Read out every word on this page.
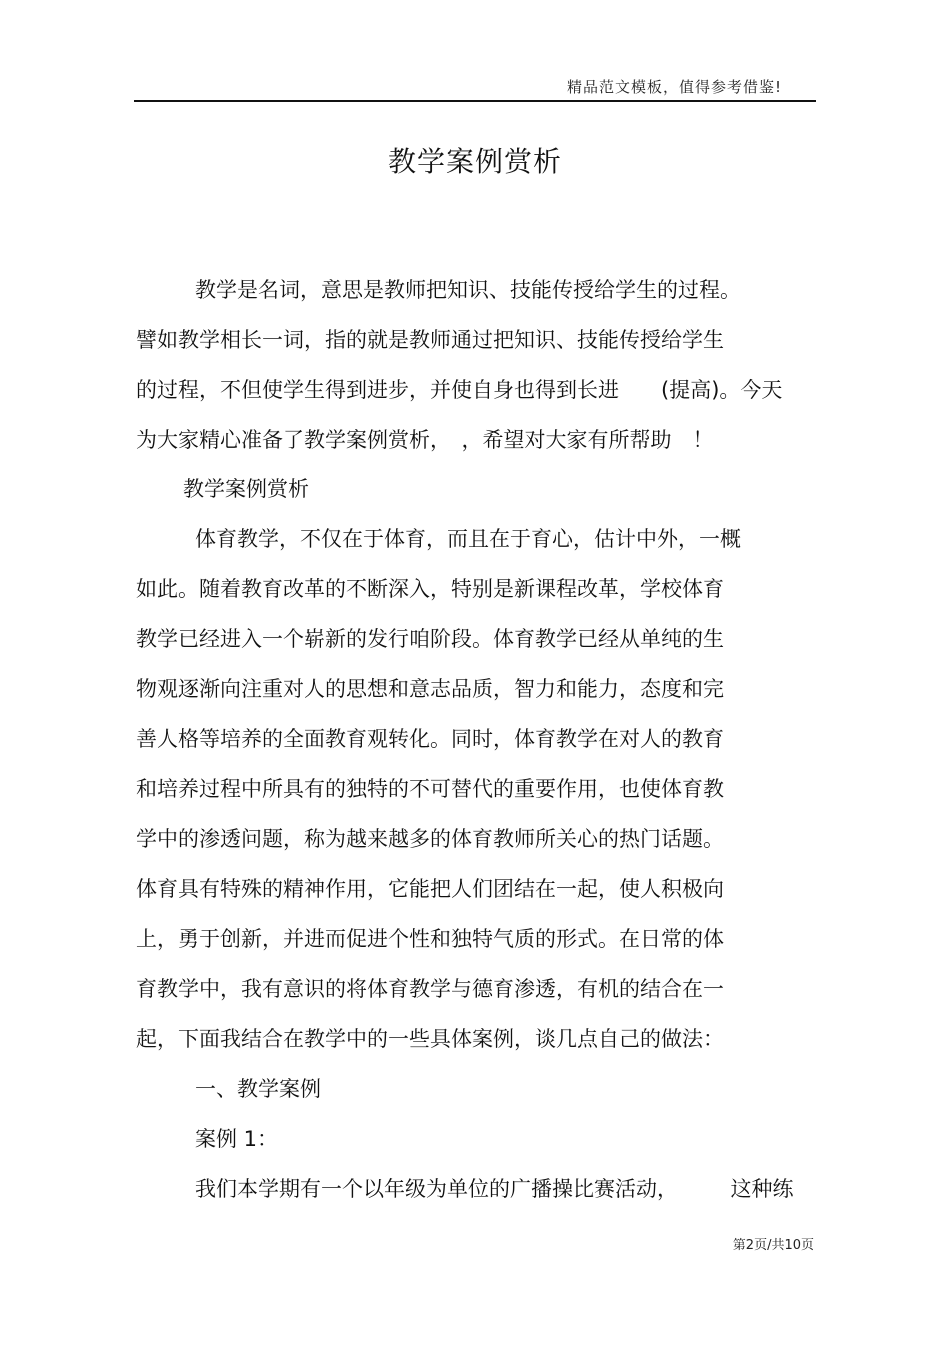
精品范文模板，值得参考借鉴!
教学案例赏析
教学是名词，意思是教师把知识、技能传授给学生的过程。
譬如教学相长一词，指的就是教师通过把知识、技能传授给学生
的过程，不但使学生得到进步，并使自身也得到长进　　(提高)。今天
为大家精心准备了教学案例赏析，　，希望对大家有所帮助　！
教学案例赏析
体育教学，不仅在于体育，而且在于育心，估计中外，一概
如此。随着教育改革的不断深入，特别是新课程改革，学校体育
教学已经进入一个崭新的发行咱阶段。体育教学已经从单纯的生
物观逐渐向注重对人的思想和意志品质，智力和能力，态度和完
善人格等培养的全面教育观转化。同时，体育教学在对人的教育
和培养过程中所具有的独特的不可替代的重要作用，也使体育教
学中的渗透问题，称为越来越多的体育教师所关心的热门话题。
体育具有特殊的精神作用，它能把人们团结在一起，使人积极向
上，勇于创新，并进而促进个性和独特气质的形式。在日常的体
育教学中，我有意识的将体育教学与德育渗透，有机的结合在一
起，下面我结合在教学中的一些具体案例，谈几点自己的做法：
一、教学案例
案例 1：
我们本学期有一个以年级为单位的广播操比赛活动，　　　这种练
第2页/共10页
